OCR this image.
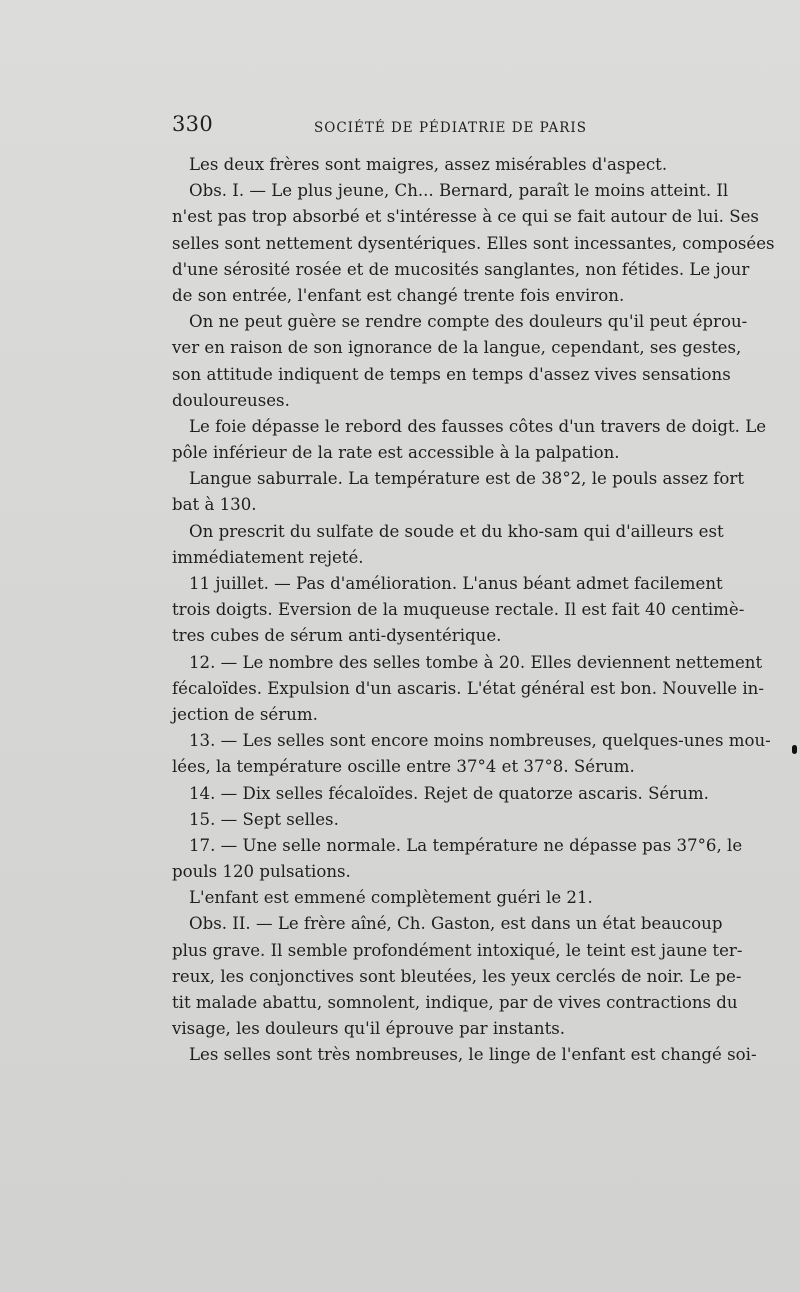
330	SOCIÉTÉ DE PÉDIATRIE DE PARIS
Les deux frères sont maigres, assez misérables d'aspect.
Obs. I. — Le plus jeune, Ch... Bernard, paraît le moins atteint. Il
n'est pas trop absorbé et s'intéresse à ce qui se fait autour de lui. Ses
selles sont nettement dysentériques. Elles sont incessantes, composées
d'une sérosité rosée et de mucosités sanglantes, non fétides. Le jour
de son entrée, l'enfant est changé trente fois environ.
On ne peut guère se rendre compte des douleurs qu'il peut éprou-
ver en raison de son ignorance de la langue, cependant, ses gestes,
son attitude indiquent de temps en temps d'assez vives sensations
douloureuses.
Le foie dépasse le rebord des fausses côtes d'un travers de doigt. Le
pôle inférieur de la rate est accessible à la palpation.
Langue saburrale. La température est de 38°2, le pouls assez fort
bat à 130.
On prescrit du sulfate de soude et du kho-sam qui d'ailleurs est
immédiatement rejeté.
11 juillet. — Pas d'amélioration. L'anus béant admet facilement
trois doigts. Eversion de la muqueuse rectale. Il est fait 40 centimè-
tres cubes de sérum anti-dysentérique.
12. — Le nombre des selles tombe à 20. Elles deviennent nettement
fécaloïdes. Expulsion d'un ascaris. L'état général est bon. Nouvelle in-
jection de sérum.
13. — Les selles sont encore moins nombreuses, quelques-unes mou-
lées, la température oscille entre 37°4 et 37°8. Sérum.
14. — Dix selles fécaloïdes. Rejet de quatorze ascaris. Sérum.
15. — Sept selles.
17. — Une selle normale. La température ne dépasse pas 37°6, le
pouls 120 pulsations.
L'enfant est emmené complètement guéri le 21.
Obs. II. — Le frère aîné, Ch. Gaston, est dans un état beaucoup
plus grave. Il semble profondément intoxiqué, le teint est jaune ter-
reux, les conjonctives sont bleutées, les yeux cerclés de noir. Le pe-
tit malade abattu, somnolent, indique, par de vives contractions du
visage, les douleurs qu'il éprouve par instants.
Les selles sont très nombreuses, le linge de l'enfant est changé soi-
